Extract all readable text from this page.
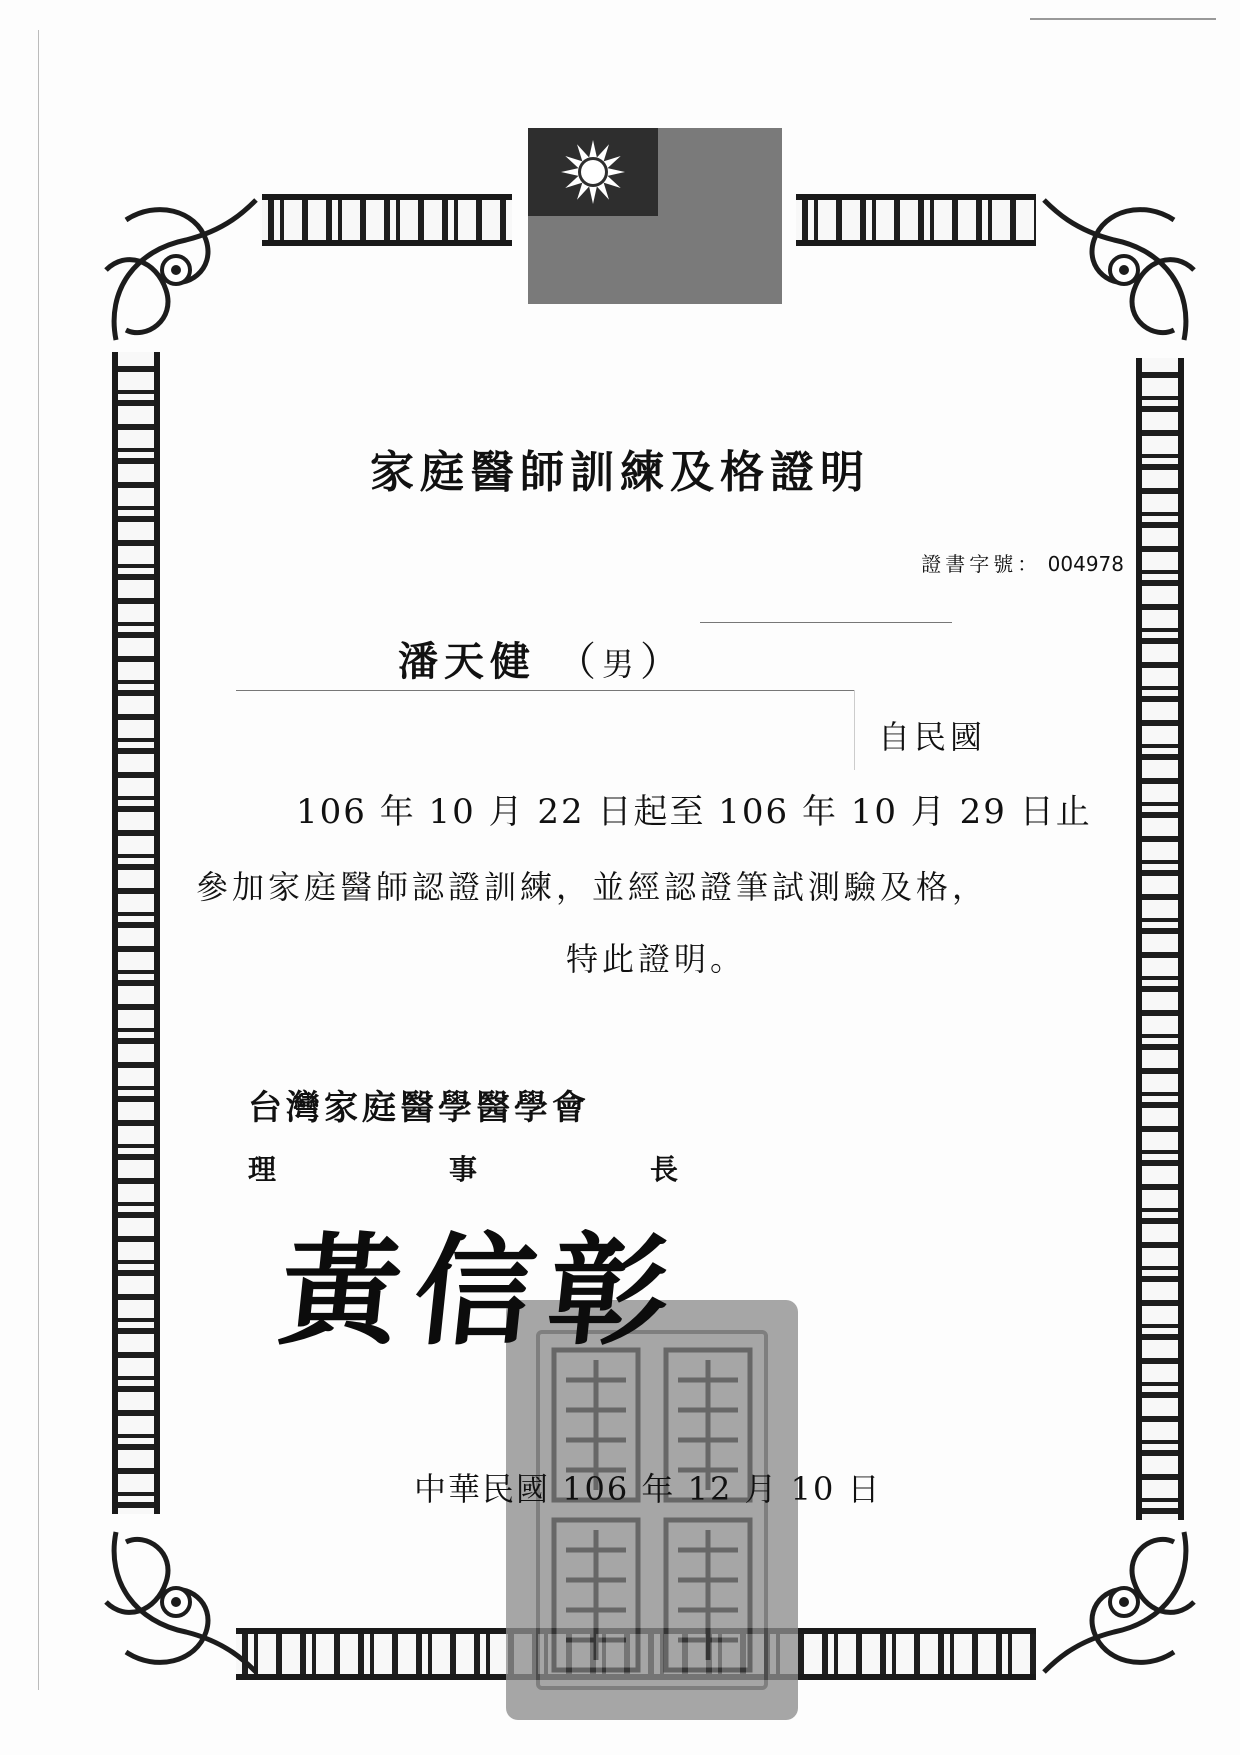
家庭醫師訓練及格證明
證書字號： 004978
潘天健 （男）
自民國
106 年 10 月 22 日起至 106 年 10 月 29 日止
參加家庭醫師認證訓練，並經認證筆試測驗及格，
特此證明。
台灣家庭醫學醫學會
理	事	長
黃信彰
中華民國 106 年 12 月 10 日
